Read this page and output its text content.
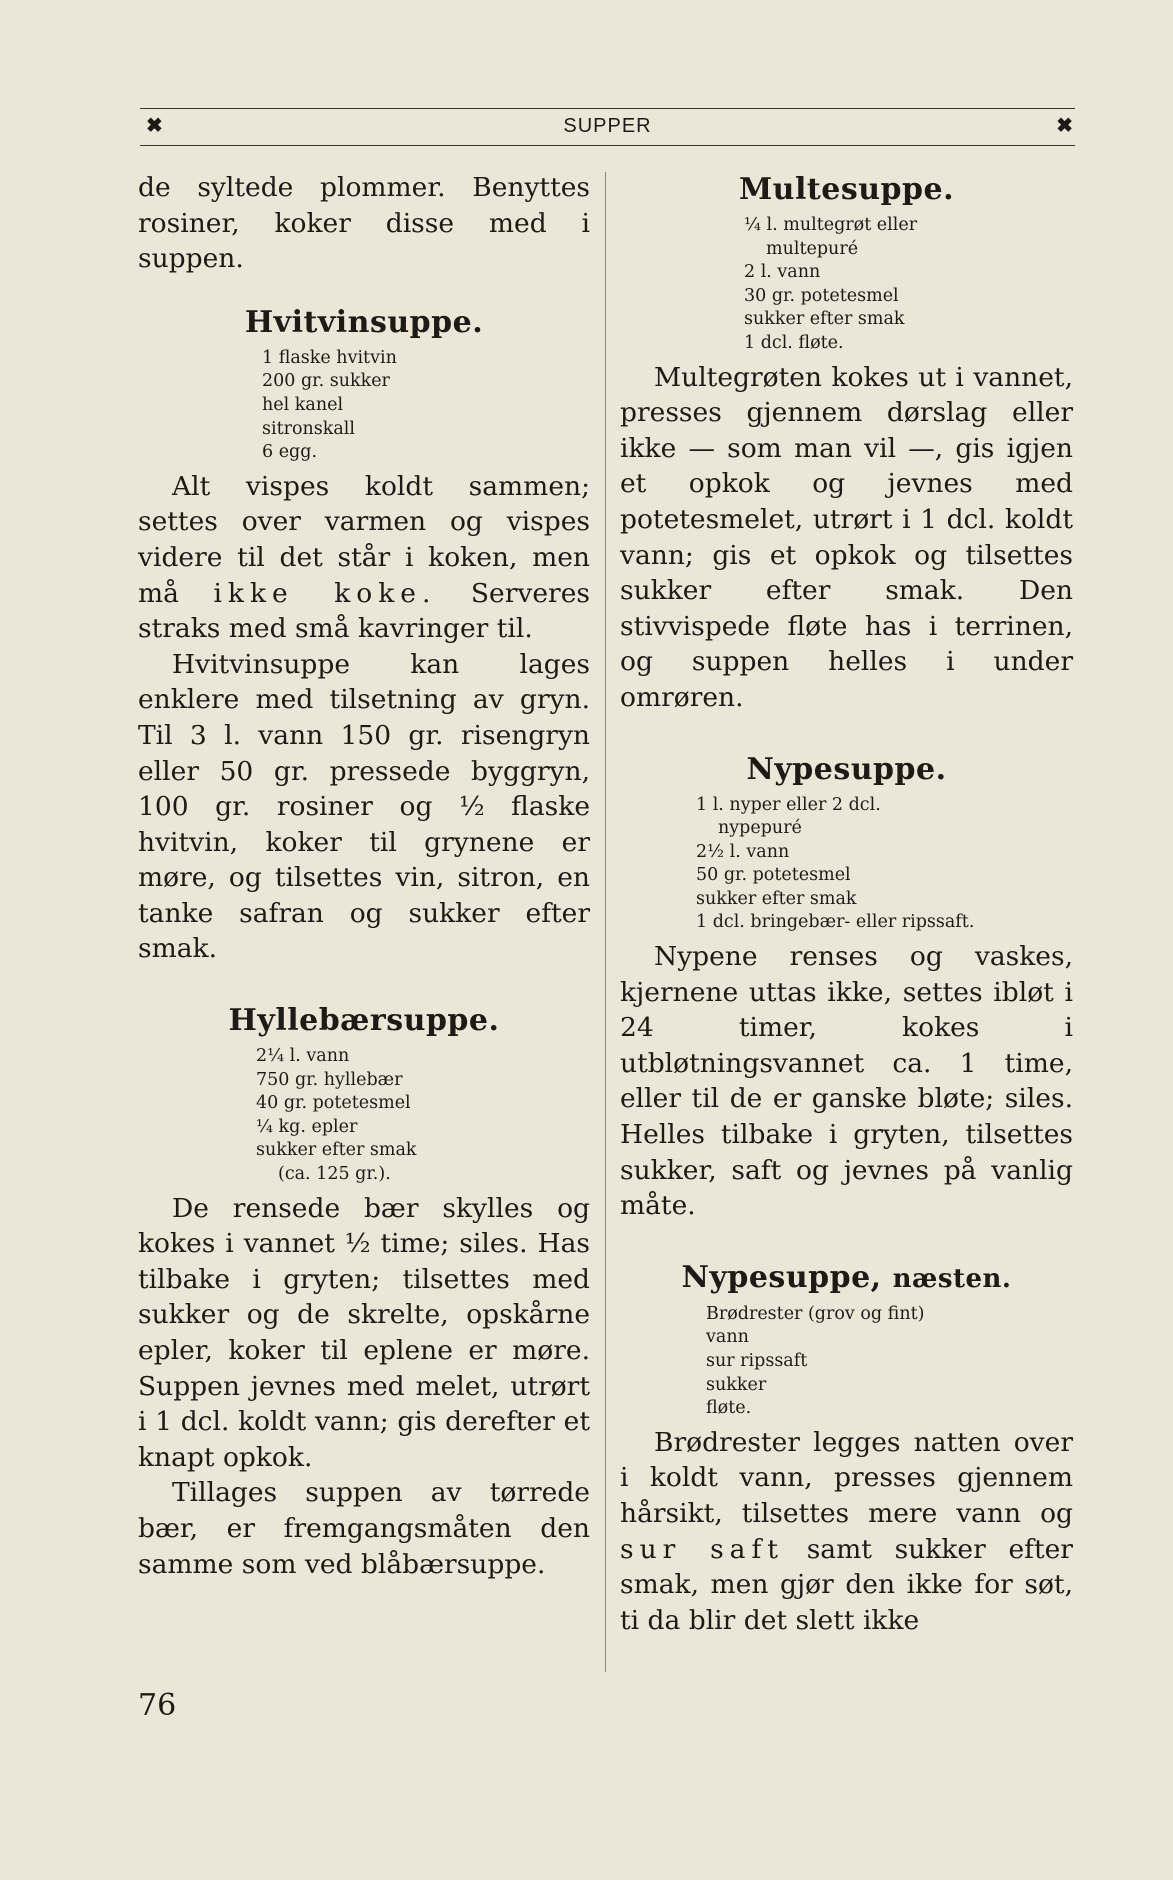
✖	SUPPER	✖

de syltede plommer. Benyttes rosiner, koker disse med i suppen.

Hvitvinsuppe.
1 flaske hvitvin
200 gr. sukker
hel kanel
sitronskall
6 egg.

Alt vispes koldt sammen; settes over varmen og vispes videre til det står i koken, men må ikke koke. Serveres straks med små kavringer til.

Hvitvinsuppe kan lages enklere med tilsetning av gryn. Til 3 l. vann 150 gr. risengryn eller 50 gr. pressede byggryn, 100 gr. rosiner og ½ flaske hvitvin, koker til grynene er møre, og tilsettes vin, sitron, en tanke safran og sukker efter smak.

Hyllebærsuppe.
2¼ l. vann
750 gr. hyllebær
40 gr. potetesmel
¼ kg. epler
sukker efter smak
(ca. 125 gr.).

De rensede bær skylles og kokes i vannet ½ time; siles. Has tilbake i gryten; tilsettes med sukker og de skrelte, opskårne epler, koker til eplene er møre. Suppen jevnes med melet, utrørt i 1 dcl. koldt vann; gis derefter et knapt opkok.

Tillages suppen av tørrede bær, er fremgangsmåten den samme som ved blåbærsuppe.

Multesuppe.
¼ l. multegrøt eller
multepuré
2 l. vann
30 gr. potetesmel
sukker efter smak
1 dcl. fløte.

Multegrøten kokes ut i vannet, presses gjennem dørslag eller ikke — som man vil —, gis igjen et opkok og jevnes med potetesmelet, utrørt i 1 dcl. koldt vann; gis et opkok og tilsettes sukker efter smak. Den stivvispede fløte has i terrinen, og suppen helles i under omrøren.

Nypesuppe.
1 l. nyper eller 2 dcl.
nypepuré
2½ l. vann
50 gr. potetesmel
sukker efter smak
1 dcl. bringebær- eller ripssaft.

Nypene renses og vaskes, kjernene uttas ikke, settes ibløt i 24 timer, kokes i utbløtningsvannet ca. 1 time, eller til de er ganske bløte; siles. Helles tilbake i gryten, tilsettes sukker, saft og jevnes på vanlig måte.

Nypesuppe, næsten.
Brødrester (grov og fint)
vann
sur ripssaft
sukker
fløte.

Brødrester legges natten over i koldt vann, presses gjennem hårsikt, tilsettes mere vann og sur saft samt sukker efter smak, men gjør den ikke for søt, ti da blir det slett ikke

76
